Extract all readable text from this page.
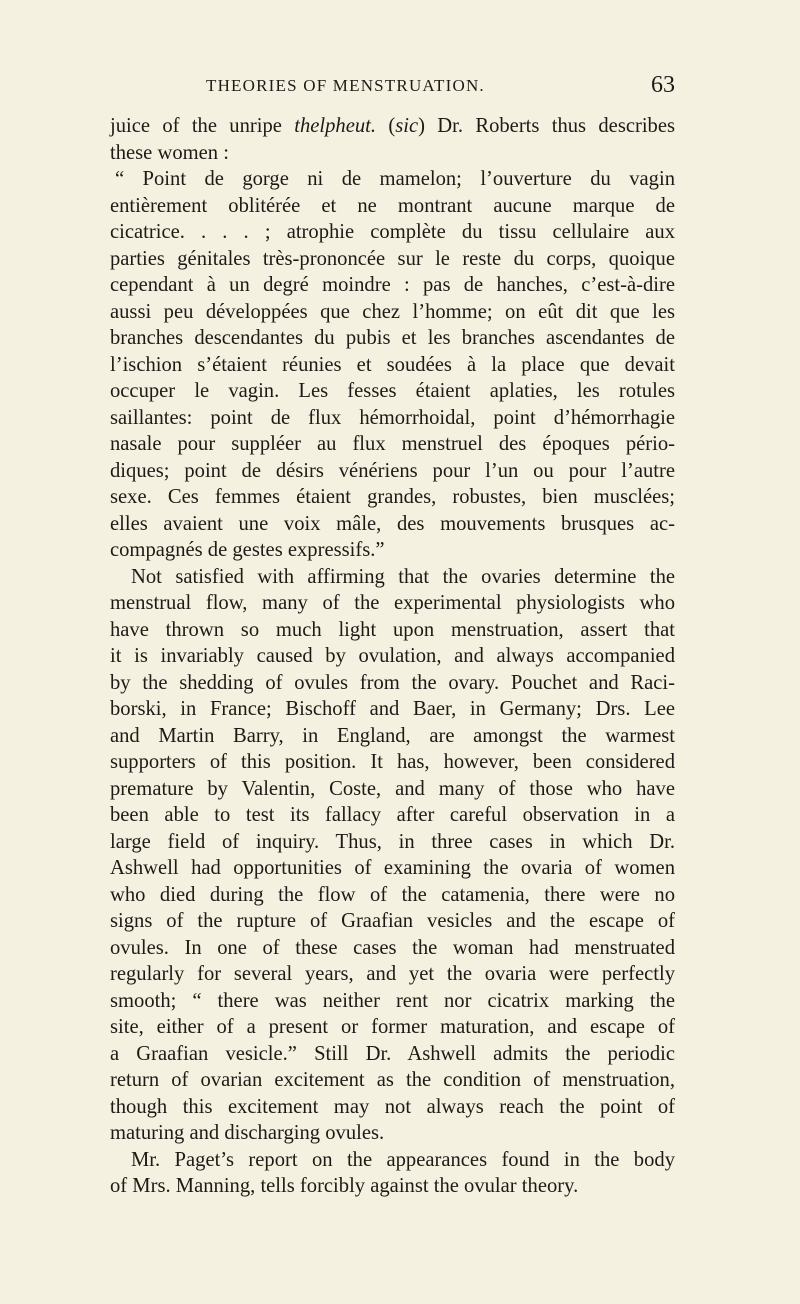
THEORIES OF MENSTRUATION.	63
juice of the unripe thelpheut. (sic) Dr. Roberts thus describes
these women :
“ Point de gorge ni de mamelon; l’ouverture du vagin
entièrement oblitérée et ne montrant aucune marque de
cicatrice. . . . ; atrophie complète du tissu cellulaire aux
parties génitales très-prononcée sur le reste du corps, quoique
cependant à un degré moindre : pas de hanches, c’est-à-dire
aussi peu développées que chez l’homme; on eût dit que les
branches descendantes du pubis et les branches ascendantes de
l’ischion s’étaient réunies et soudées à la place que devait
occuper le vagin. Les fesses étaient aplaties, les rotules
saillantes: point de flux hémorrhoidal, point d’hémorrhagie
nasale pour suppléer au flux menstruel des époques pério-
diques; point de désirs vénériens pour l’un ou pour l’autre
sexe. Ces femmes étaient grandes, robustes, bien musclées;
elles avaient une voix mâle, des mouvements brusques ac-
compagnés de gestes expressifs.”
Not satisfied with affirming that the ovaries determine the
menstrual flow, many of the experimental physiologists who
have thrown so much light upon menstruation, assert that
it is invariably caused by ovulation, and always accompanied
by the shedding of ovules from the ovary. Pouchet and Raci-
borski, in France; Bischoff and Baer, in Germany; Drs. Lee
and Martin Barry, in England, are amongst the warmest
supporters of this position. It has, however, been considered
premature by Valentin, Coste, and many of those who have
been able to test its fallacy after careful observation in a
large field of inquiry. Thus, in three cases in which Dr.
Ashwell had opportunities of examining the ovaria of women
who died during the flow of the catamenia, there were no
signs of the rupture of Graafian vesicles and the escape of
ovules. In one of these cases the woman had menstruated
regularly for several years, and yet the ovaria were perfectly
smooth; “ there was neither rent nor cicatrix marking the
site, either of a present or former maturation, and escape of
a Graafian vesicle.” Still Dr. Ashwell admits the periodic
return of ovarian excitement as the condition of menstruation,
though this excitement may not always reach the point of
maturing and discharging ovules.
Mr. Paget’s report on the appearances found in the body
of Mrs. Manning, tells forcibly against the ovular theory.
